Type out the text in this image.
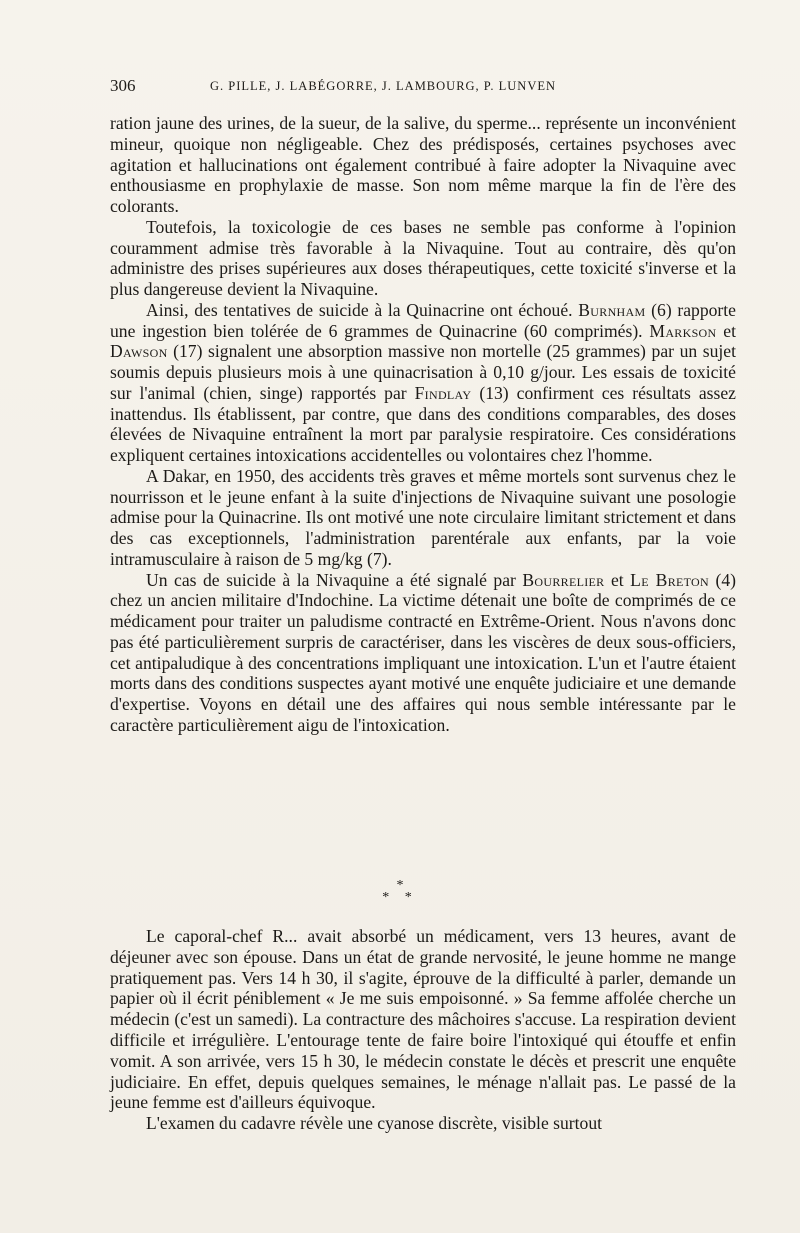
306	G. PILLE, J. LABÉGORRE, J. LAMBOURG, P. LUNVEN

ration jaune des urines, de la sueur, de la salive, du sperme... représente un inconvénient mineur, quoique non négligeable. Chez des prédisposés, certaines psychoses avec agitation et hallucinations ont également contribué à faire adopter la Nivaquine avec enthousiasme en prophylaxie de masse. Son nom même marque la fin de l'ère des colorants.

Toutefois, la toxicologie de ces bases ne semble pas conforme à l'opinion couramment admise très favorable à la Nivaquine. Tout au contraire, dès qu'on administre des prises supérieures aux doses thérapeutiques, cette toxicité s'inverse et la plus dangereuse devient la Nivaquine.

Ainsi, des tentatives de suicide à la Quinacrine ont échoué. Burnham (6) rapporte une ingestion bien tolérée de 6 grammes de Quinacrine (60 comprimés). Markson et Dawson (17) signalent une absorption massive non mortelle (25 grammes) par un sujet soumis depuis plusieurs mois à une quinacrisation à 0,10 g/jour. Les essais de toxicité sur l'animal (chien, singe) rapportés par Findlay (13) confirment ces résultats assez inattendus. Ils établissent, par contre, que dans des conditions comparables, des doses élevées de Nivaquine entraînent la mort par paralysie respiratoire. Ces considérations expliquent certaines intoxications accidentelles ou volontaires chez l'homme.

A Dakar, en 1950, des accidents très graves et même mortels sont survenus chez le nourrisson et le jeune enfant à la suite d'injections de Nivaquine suivant une posologie admise pour la Quinacrine. Ils ont motivé une note circulaire limitant strictement et dans des cas exceptionnels, l'administration parentérale aux enfants, par la voie intramusculaire à raison de 5 mg/kg (7).

Un cas de suicide à la Nivaquine a été signalé par Bourrelier et Le Breton (4) chez un ancien militaire d'Indochine. La victime détenait une boîte de comprimés de ce médicament pour traiter un paludisme contracté en Extrême-Orient. Nous n'avons donc pas été particulièrement surpris de caractériser, dans les viscères de deux sous-officiers, cet antipaludique à des concentrations impliquant une intoxication. L'un et l'autre étaient morts dans des conditions suspectes ayant motivé une enquête judiciaire et une demande d'expertise. Voyons en détail une des affaires qui nous semble intéressante par le caractère particulièrement aigu de l'intoxication.

*
* *

Le caporal-chef R... avait absorbé un médicament, vers 13 heures, avant de déjeuner avec son épouse. Dans un état de grande nervosité, le jeune homme ne mange pratiquement pas. Vers 14 h 30, il s'agite, éprouve de la difficulté à parler, demande un papier où il écrit péniblement « Je me suis empoisonné. » Sa femme affolée cherche un médecin (c'est un samedi). La contracture des mâchoires s'accuse. La respiration devient difficile et irrégulière. L'entourage tente de faire boire l'intoxiqué qui étouffe et enfin vomit. A son arrivée, vers 15 h 30, le médecin constate le décès et prescrit une enquête judiciaire. En effet, depuis quelques semaines, le ménage n'allait pas. Le passé de la jeune femme est d'ailleurs équivoque.

L'examen du cadavre révèle une cyanose discrète, visible surtout
